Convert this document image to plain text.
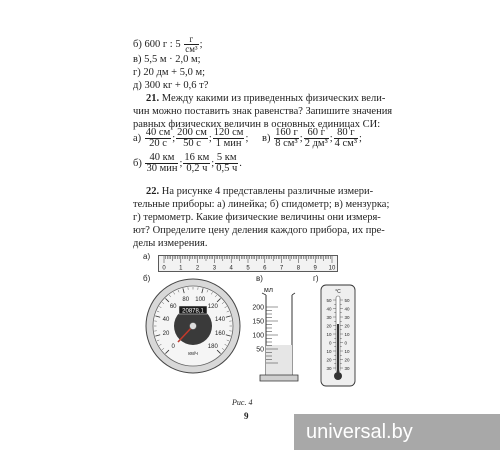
б) 600 г : $5 \frac{г}{\text{см³}}$ ;
в) 5,5 м · 2,0 м;
г) 20 дм + 5,0 м;
д) 300 кг + 0,6 т?
21. Между какими из приведенных физических вели-
чин можно поставить знак равенства? Запишите значения
равных физических величин в основных единицах СИ:
$а) \frac{40 см}{20 с}$ ; $\frac{200 см}{50 с}$ ; $\frac{120 см}{\text{1 мин}}$ ; $в) \frac{160 г}{\text{8 см³}}$ ; $\frac{60 г}{\text{2 дм³}}$ ; $\frac{80 г}{\text{4 см³}}$ ;
$б) \frac{40 км}{\text{30 мин}}$ ; $\frac{16 км}{0,2 ч}$ ; $\frac{5 км}{0,5 ч}$ .
22. На рисунке 4 представлены различные измери-
тельные приборы: а) линейка; б) спидометр; в) мензурка;
г) термометр. Какие физические величины они измеря-
ют? Определите цену деления каждого прибора, их пре-
делы измерения.
а)
б)	в)	г)
0 1 2 3 4 5 6 7 8 9 10
20878,1
км/ч
0
20
40
60
80 100
120
140
160
180
мл
200
150
100
50
°C
50
40
30
20
10
0
10
20
30
50
40
30
20
10
0
10
20
30
Рис. 4
9
universal.by
